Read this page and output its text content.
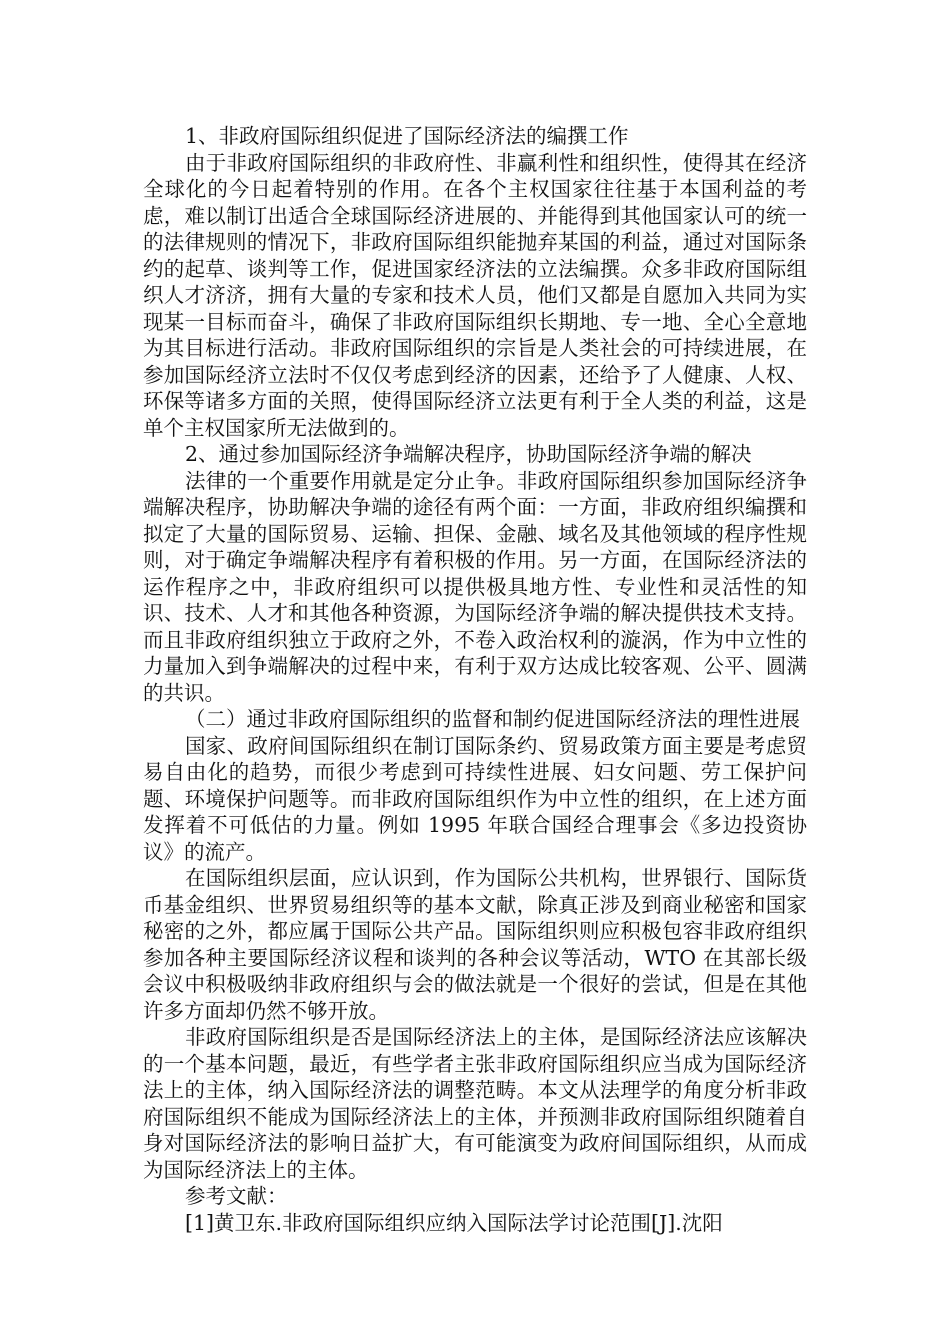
1、非政府国际组织促进了国际经济法的编撰工作

由于非政府国际组织的非政府性、非赢利性和组织性，使得其在经济全球化的今日起着特别的作用。在各个主权国家往往基于本国利益的考虑，难以制订出适合全球国际经济进展的、并能得到其他国家认可的统一的法律规则的情况下，非政府国际组织能抛弃某国的利益，通过对国际条约的起草、谈判等工作，促进国家经济法的立法编撰。众多非政府国际组织人才济济，拥有大量的专家和技术人员，他们又都是自愿加入共同为实现某一目标而奋斗，确保了非政府国际组织长期地、专一地、全心全意地为其目标进行活动。非政府国际组织的宗旨是人类社会的可持续进展，在参加国际经济立法时不仅仅考虑到经济的因素，还给予了人健康、人权、环保等诸多方面的关照，使得国际经济立法更有利于全人类的利益，这是单个主权国家所无法做到的。

2、通过参加国际经济争端解决程序，协助国际经济争端的解决

法律的一个重要作用就是定分止争。非政府国际组织参加国际经济争端解决程序，协助解决争端的途径有两个面：一方面，非政府组织编撰和拟定了大量的国际贸易、运输、担保、金融、域名及其他领域的程序性规则，对于确定争端解决程序有着积极的作用。另一方面，在国际经济法的运作程序之中，非政府组织可以提供极具地方性、专业性和灵活性的知识、技术、人才和其他各种资源，为国际经济争端的解决提供技术支持。而且非政府组织独立于政府之外，不卷入政治权利的漩涡，作为中立性的力量加入到争端解决的过程中来，有利于双方达成比较客观、公平、圆满的共识。

（二）通过非政府国际组织的监督和制约促进国际经济法的理性进展

国家、政府间国际组织在制订国际条约、贸易政策方面主要是考虑贸易自由化的趋势，而很少考虑到可持续性进展、妇女问题、劳工保护问题、环境保护问题等。而非政府国际组织作为中立性的组织，在上述方面发挥着不可低估的力量。例如 1995 年联合国经合理事会《多边投资协议》的流产。

在国际组织层面，应认识到，作为国际公共机构，世界银行、国际货币基金组织、世界贸易组织等的基本文献，除真正涉及到商业秘密和国家秘密的之外，都应属于国际公共产品。国际组织则应积极包容非政府组织参加各种主要国际经济议程和谈判的各种会议等活动，WTO 在其部长级会议中积极吸纳非政府组织与会的做法就是一个很好的尝试，但是在其他许多方面却仍然不够开放。

非政府国际组织是否是国际经济法上的主体，是国际经济法应该解决的一个基本问题，最近，有些学者主张非政府国际组织应当成为国际经济法上的主体，纳入国际经济法的调整范畴。本文从法理学的角度分析非政府国际组织不能成为国际经济法上的主体，并预测非政府国际组织随着自身对国际经济法的影响日益扩大，有可能演变为政府间国际组织，从而成为国际经济法上的主体。

参考文献：

[1]黄卫东.非政府国际组织应纳入国际法学讨论范围[J].沈阳
